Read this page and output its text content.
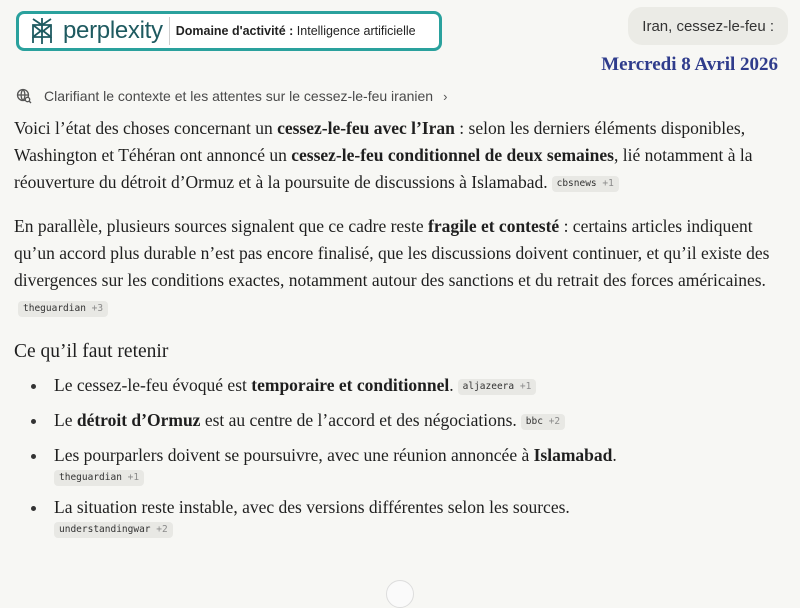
perplexity Domaine d'activité : Intelligence artificielle	Iran, cessez-le-feu :
Mercredi 8 Avril 2026
Clarifiant le contexte et les attentes sur le cessez-le-feu iranien ›

Voici l’état des choses concernant un cessez-le-feu avec l’Iran : selon les derniers éléments disponibles, Washington et Téhéran ont annoncé un cessez-le-feu conditionnel de deux semaines, lié notamment à la réouverture du détroit d’Ormuz et à la poursuite de discussions à Islamabad. cbsnews +1

En parallèle, plusieurs sources signalent que ce cadre reste fragile et contesté : certains articles indiquent qu’un accord plus durable n’est pas encore finalisé, que les discussions doivent continuer, et qu’il existe des divergences sur les conditions exactes, notamment autour des sanctions et du retrait des forces américaines.theguardian +3

Ce qu’il faut retenir
Le cessez-le-feu évoqué est temporaire et conditionnel. aljazeera +1
Le détroit d’Ormuz est au centre de l’accord et des négociations. bbc +2
Les pourparlers doivent se poursuivre, avec une réunion annoncée à Islamabad.
theguardian +1
La situation reste instable, avec des versions différentes selon les sources.
understandingwar +2
